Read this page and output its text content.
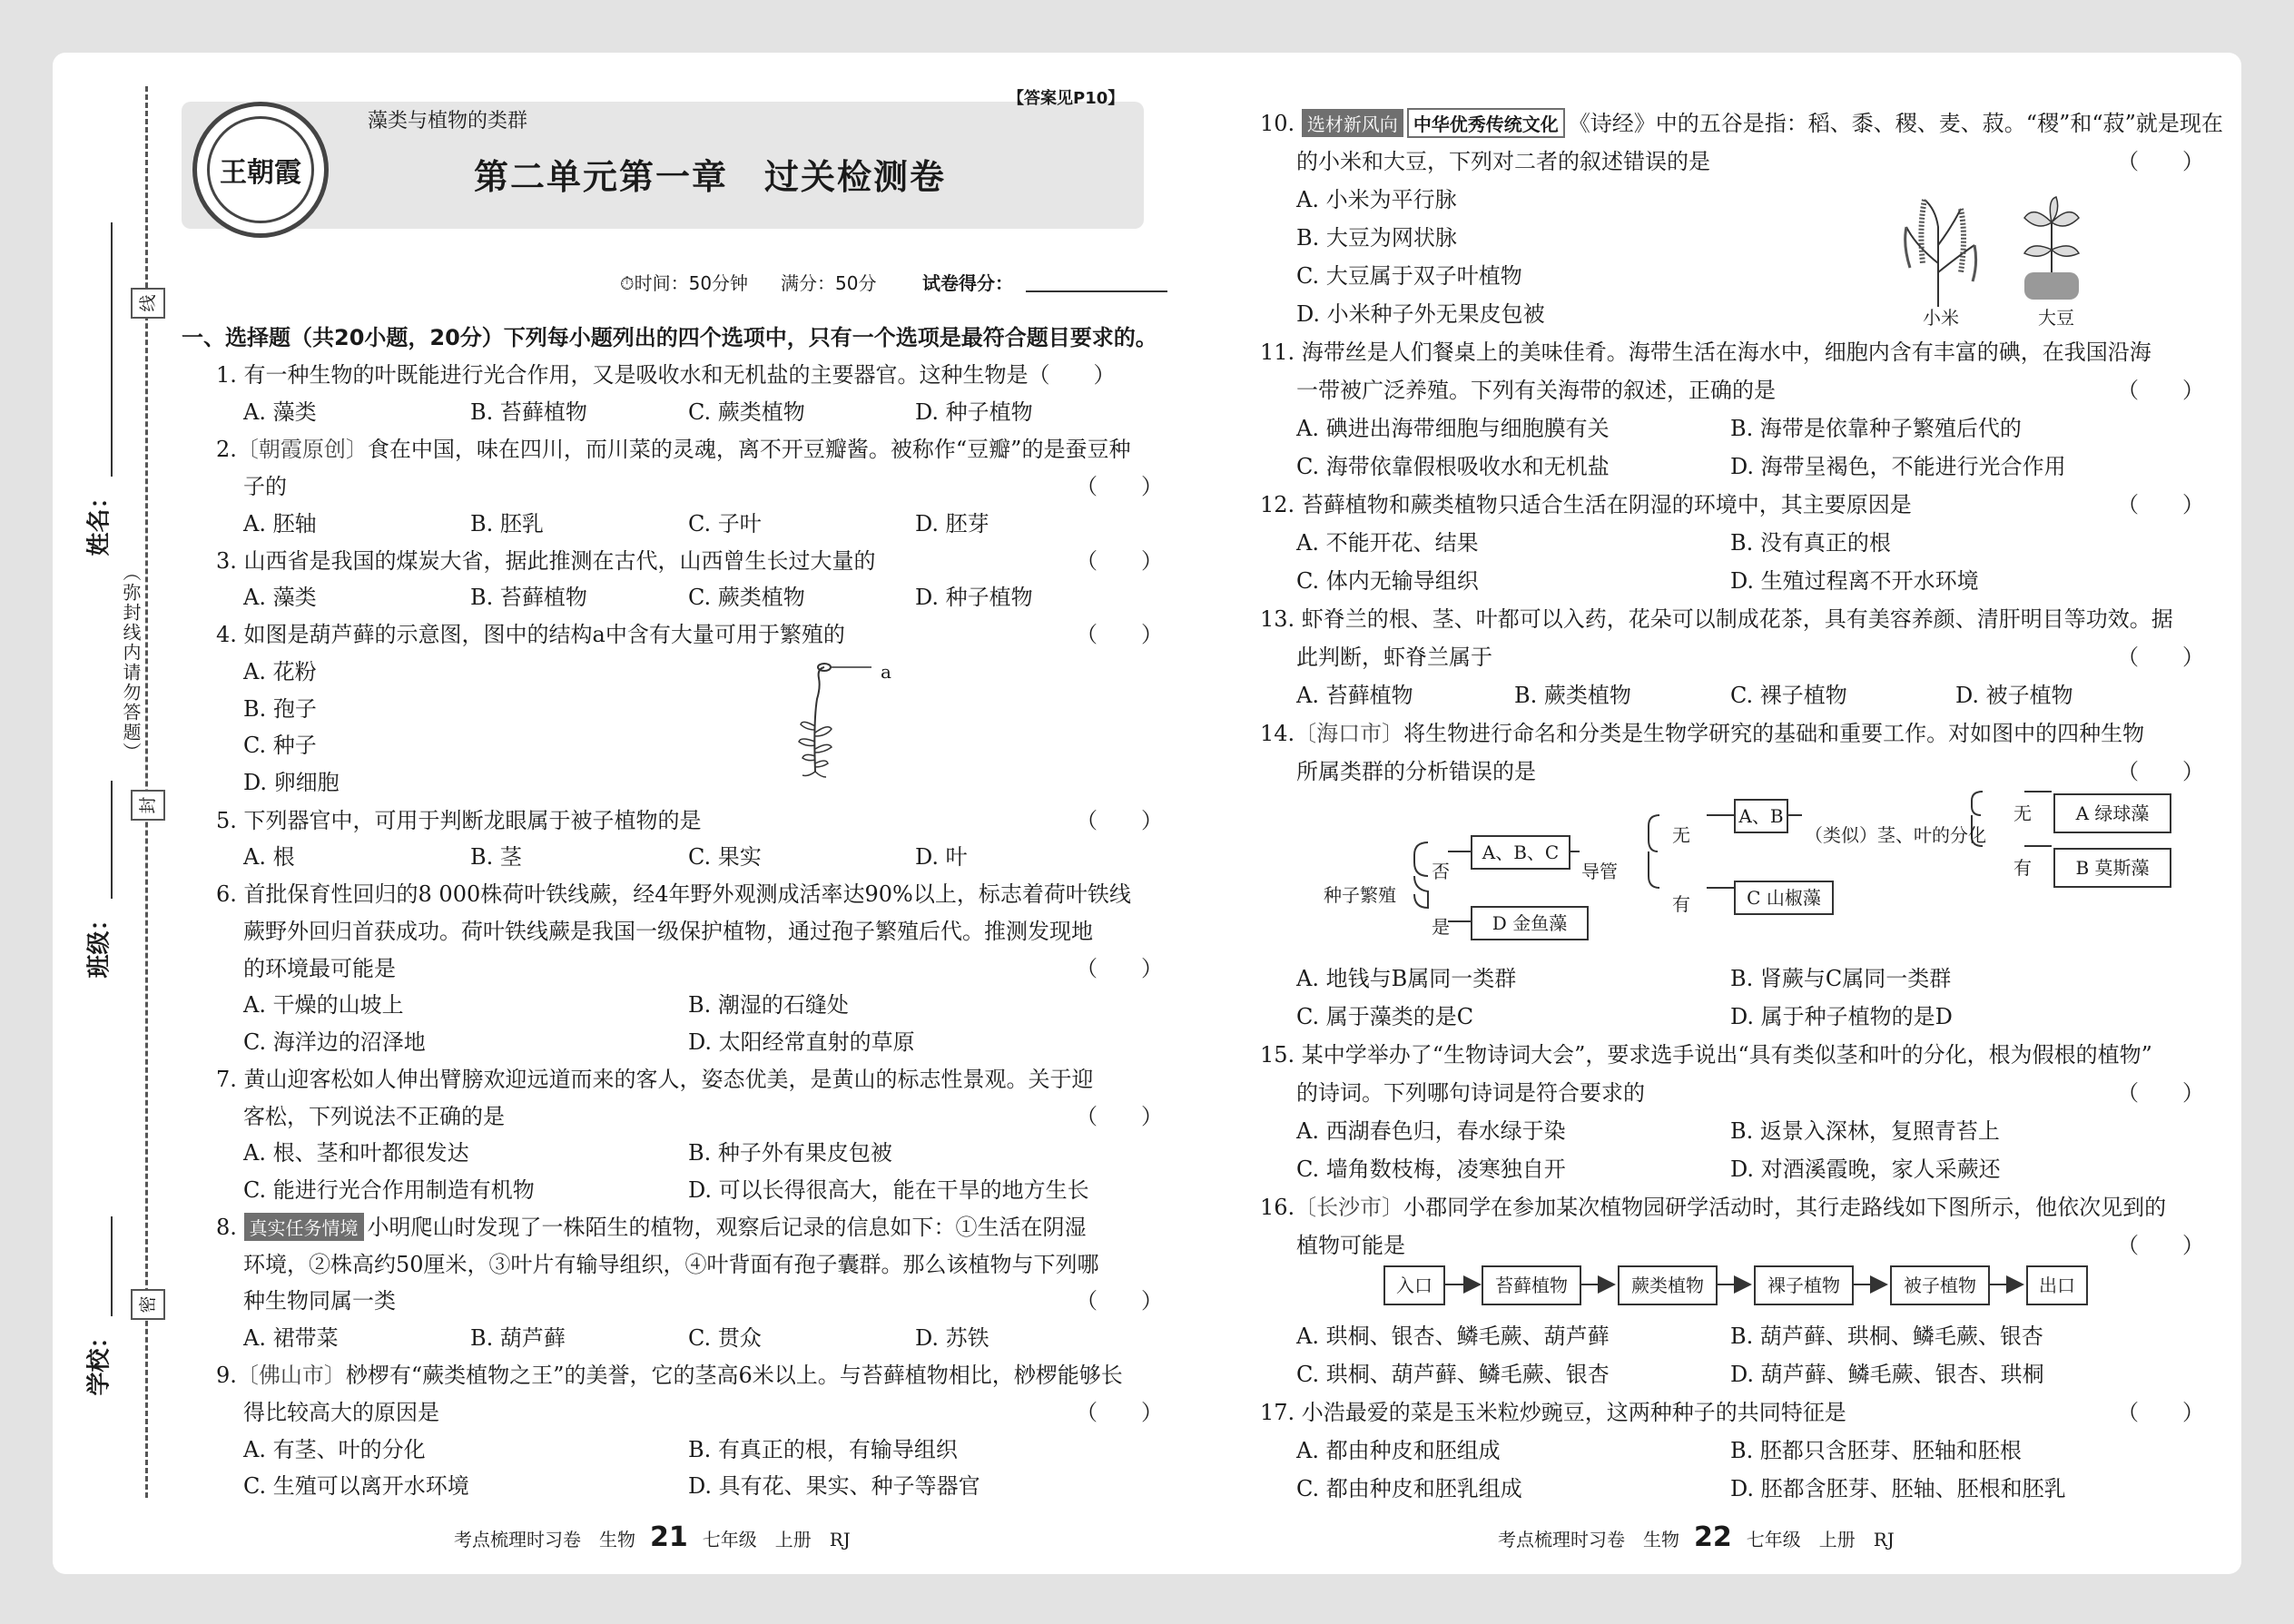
学校：
班级：
姓名：
密
封
线
（弥封线内请勿答题）
王朝霞
藻类与植物的类群
【答案见P10】
第二单元第一章　过关检测卷
⏱时间：50分钟 满分：50分	试卷得分：
一、选择题（共20小题，20分）下列每小题列出的四个选项中，只有一个选项是最符合题目要求的。
1. 有一种生物的叶既能进行光合作用，又是吸收水和无机盐的主要器官。这种生物是（　　）
A. 藻类	B. 苔藓植物	C. 蕨类植物	D. 种子植物
2.〔朝霞原创〕食在中国，味在四川，而川菜的灵魂，离不开豆瓣酱。被称作“豆瓣”的是蚕豆种
子的	（　　）
A. 胚轴	B. 胚乳	C. 子叶	D. 胚芽
3. 山西省是我国的煤炭大省，据此推测在古代，山西曾生长过大量的	（　　）
A. 藻类	B. 苔藓植物	C. 蕨类植物	D. 种子植物
4. 如图是葫芦藓的示意图，图中的结构a中含有大量可用于繁殖的	（　　）
A. 花粉
B. 孢子
C. 种子
D. 卵细胞
a
5. 下列器官中，可用于判断龙眼属于被子植物的是	（　　）
A. 根	B. 茎	C. 果实	D. 叶
6. 首批保育性回归的8 000株荷叶铁线蕨，经4年野外观测成活率达90%以上，标志着荷叶铁线
蕨野外回归首获成功。荷叶铁线蕨是我国一级保护植物，通过孢子繁殖后代。推测发现地
的环境最可能是	（　　）
A. 干燥的山坡上	B. 潮湿的石缝处
C. 海洋边的沼泽地	D. 太阳经常直射的草原
7. 黄山迎客松如人伸出臂膀欢迎远道而来的客人，姿态优美，是黄山的标志性景观。关于迎
客松，下列说法不正确的是	（　　）
A. 根、茎和叶都很发达	B. 种子外有果皮包被
C. 能进行光合作用制造有机物	D. 可以长得很高大，能在干旱的地方生长
8. 真实任务情境 小明爬山时发现了一株陌生的植物，观察后记录的信息如下：①生活在阴湿
环境，②株高约50厘米，③叶片有输导组织，④叶背面有孢子囊群。那么该植物与下列哪
种生物同属一类	（　　）
A. 裙带菜	B. 葫芦藓	C. 贯众	D. 苏铁
9.〔佛山市〕桫椤有“蕨类植物之王”的美誉，它的茎高6米以上。与苔藓植物相比，桫椤能够长
得比较高大的原因是	（　　）
A. 有茎、叶的分化	B. 有真正的根，有输导组织
C. 生殖可以离开水环境	D. 具有花、果实、种子等器官
10. 选材新风向 中华优秀传统文化 《诗经》中的五谷是指：稻、黍、稷、麦、菽。“稷”和“菽”就是现在
的小米和大豆，下列对二者的叙述错误的是	（　　）
A. 小米为平行脉
B. 大豆为网状脉
C. 大豆属于双子叶植物
D. 小米种子外无果皮包被	小米	大豆
11. 海带丝是人们餐桌上的美味佳肴。海带生活在海水中，细胞内含有丰富的碘，在我国沿海
一带被广泛养殖。下列有关海带的叙述，正确的是	（　　）
A. 碘进出海带细胞与细胞膜有关	B. 海带是依靠种子繁殖后代的
C. 海带依靠假根吸收水和无机盐	D. 海带呈褐色，不能进行光合作用
12. 苔藓植物和蕨类植物只适合生活在阴湿的环境中，其主要原因是	（　　）
A. 不能开花、结果	B. 没有真正的根
C. 体内无输导组织	D. 生殖过程离不开水环境
13. 虾脊兰的根、茎、叶都可以入药，花朵可以制成花茶，具有美容养颜、清肝明目等功效。据
此判断，虾脊兰属于	（　　）
A. 苔藓植物	B. 蕨类植物	C. 裸子植物	D. 被子植物
14.〔海口市〕将生物进行命名和分类是生物学研究的基础和重要工作。对如图中的四种生物
所属类群的分析错误的是	（　　）
种子繁殖
否
是
A、B、C
D 金鱼藻
导管
无
有
A、B
C 山椒藻
（类似）茎、叶的分化
无
有
A 绿球藻
B 莫斯藻
A. 地钱与B属同一类群	B. 肾蕨与C属同一类群
C. 属于藻类的是C	D. 属于种子植物的是D
15. 某中学举办了“生物诗词大会”，要求选手说出“具有类似茎和叶的分化，根为假根的植物”
的诗词。下列哪句诗词是符合要求的	（　　）
A. 西湖春色归，春水绿于染	B. 返景入深林，复照青苔上
C. 墙角数枝梅，凌寒独自开	D. 对酒溪霞晚，家人采蕨还
16.〔长沙市〕小郡同学在参加某次植物园研学活动时，其行走路线如下图所示，他依次见到的
植物可能是	（　　）
入口	苔藓植物	蕨类植物	裸子植物	被子植物	出口
A. 珙桐、银杏、鳞毛蕨、葫芦藓	B. 葫芦藓、珙桐、鳞毛蕨、银杏
C. 珙桐、葫芦藓、鳞毛蕨、银杏	D. 葫芦藓、鳞毛蕨、银杏、珙桐
17. 小浩最爱的菜是玉米粒炒豌豆，这两种种子的共同特征是	（　　）
A. 都由种皮和胚组成	B. 胚都只含胚芽、胚轴和胚根
C. 都由种皮和胚乳组成	D. 胚都含胚芽、胚轴、胚根和胚乳
考点梳理时习卷　生物 21 七年级　上册　RJ	考点梳理时习卷　生物 22 七年级　上册　RJ
